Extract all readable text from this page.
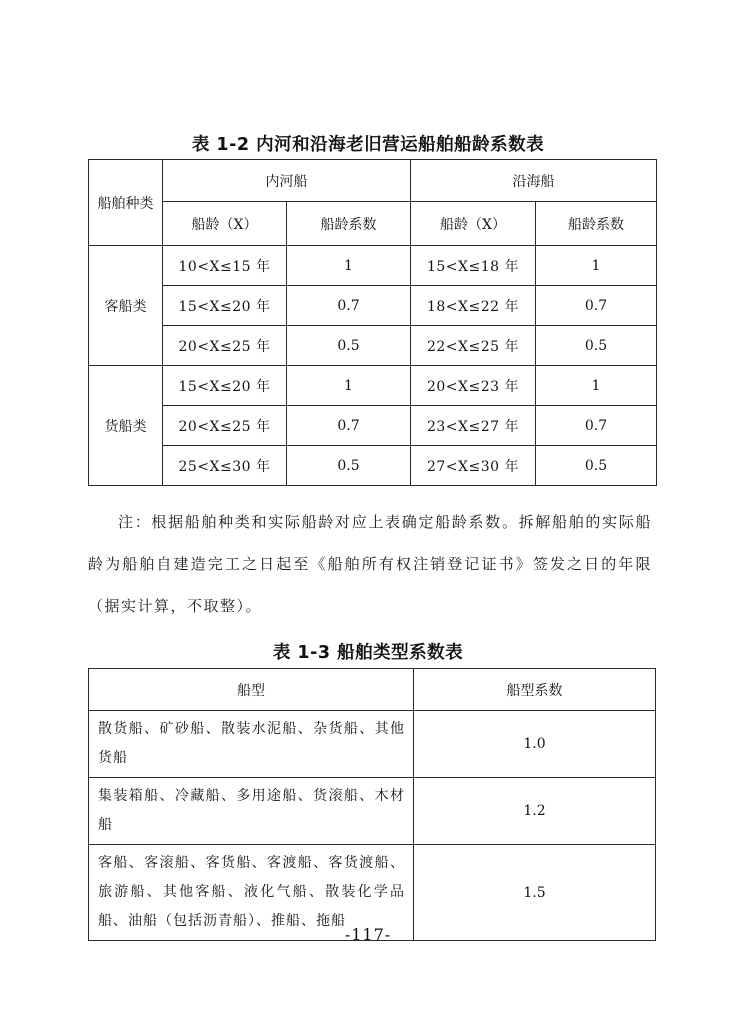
表 1-2 内河和沿海老旧营运船舶船龄系数表
船舶种类	内河船		沿海船	
	船龄（X）	船龄系数	船龄（X）	船龄系数
客船类	10<X≤15 年	1	15<X≤18 年	1
	15<X≤20 年	0.7	18<X≤22 年	0.7
	20<X≤25 年	0.5	22<X≤25 年	0.5
货船类	15<X≤20 年	1	20<X≤23 年	1
	20<X≤25 年	0.7	23<X≤27 年	0.7
	25<X≤30 年	0.5	27<X≤30 年	0.5

注：根据船舶种类和实际船龄对应上表确定船龄系数。拆解船舶的实际船龄为船舶自建造完工之日起至《船舶所有权注销登记证书》签发之日的年限（据实计算，不取整）。

表 1-3 船舶类型系数表
船型	船型系数
散货船、矿砂船、散装水泥船、杂货船、其他货船	1.0
集装箱船、冷藏船、多用途船、货滚船、木材船	1.2
客船、客滚船、客货船、客渡船、客货渡船、旅游船、其他客船、液化气船、散装化学品船、油船（包括沥青船）、推船、拖船	1.5
-117-
